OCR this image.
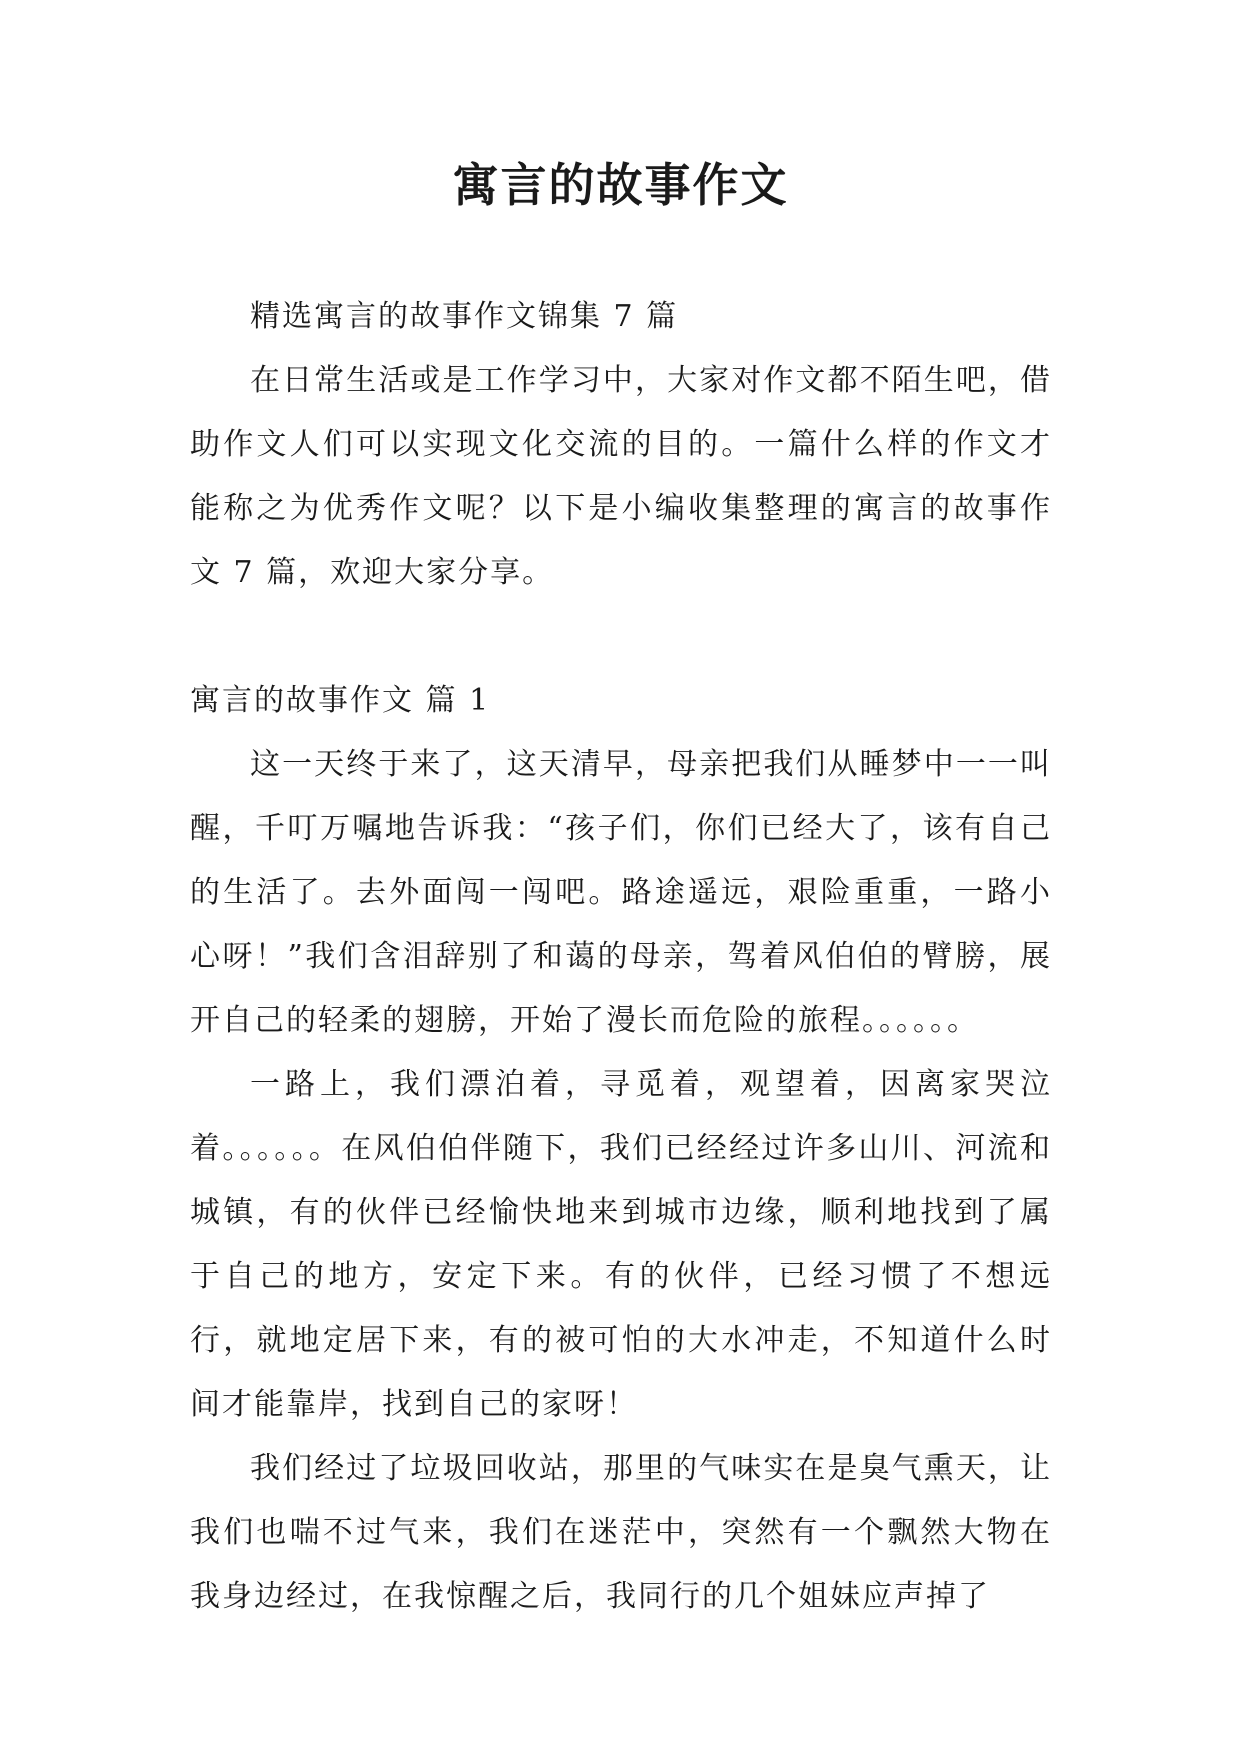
寓言的故事作文

精选寓言的故事作文锦集 7 篇

在日常生活或是工作学习中，大家对作文都不陌生吧，借助作文人们可以实现文化交流的目的。一篇什么样的作文才能称之为优秀作文呢？以下是小编收集整理的寓言的故事作文 7 篇，欢迎大家分享。

寓言的故事作文 篇 1

这一天终于来了，这天清早，母亲把我们从睡梦中一一叫醒，千叮万嘱地告诉我：“孩子们，你们已经大了，该有自己的生活了。去外面闯一闯吧。路途遥远，艰险重重，一路小心呀！”我们含泪辞别了和蔼的母亲，驾着风伯伯的臂膀，展开自己的轻柔的翅膀，开始了漫长而危险的旅程。。。。。。

一路上，我们漂泊着，寻觅着，观望着，因离家哭泣着。。。。。。在风伯伯伴随下，我们已经经过许多山川、河流和城镇，有的伙伴已经愉快地来到城市边缘，顺利地找到了属于自己的地方，安定下来。有的伙伴，已经习惯了不想远行，就地定居下来，有的被可怕的大水冲走，不知道什么时间才能靠岸，找到自己的家呀！

我们经过了垃圾回收站，那里的气味实在是臭气熏天，让我们也喘不过气来，我们在迷茫中，突然有一个飘然大物在我身边经过，在我惊醒之后，我同行的几个姐妹应声掉了
